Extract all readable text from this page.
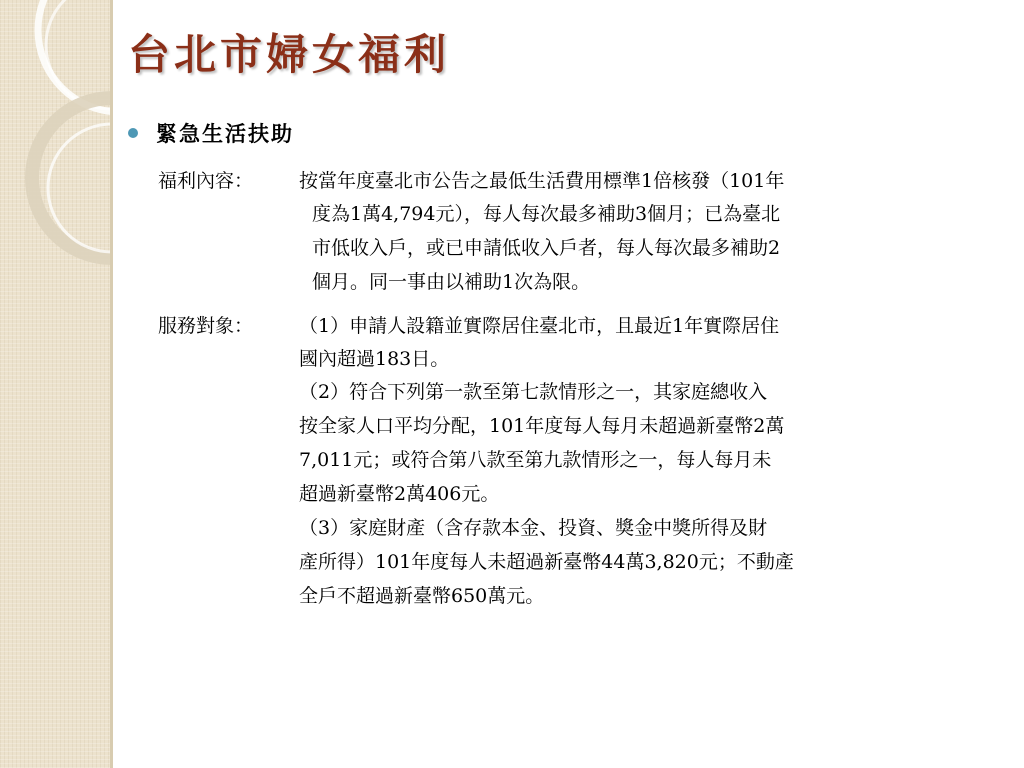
台北市婦女福利
緊急生活扶助
福利內容： 按當年度臺北市公告之最低生活費用標準1倍核發（101年
度為1萬4,794元），每人每次最多補助3個月；已為臺北
市低收入戶，或已申請低收入戶者，每人每次最多補助2
個月。同一事由以補助1次為限。
服務對象： （1）申請人設籍並實際居住臺北市，且最近1年實際居住
國內超過183日。
（2）符合下列第一款至第七款情形之一，其家庭總收入
按全家人口平均分配，101年度每人每月未超過新臺幣2萬
7,011元；或符合第八款至第九款情形之一，每人每月未
超過新臺幣2萬406元。
（3）家庭財產（含存款本金、投資、獎金中獎所得及財
產所得）101年度每人未超過新臺幣44萬3,820元；不動產
全戶不超過新臺幣650萬元。
